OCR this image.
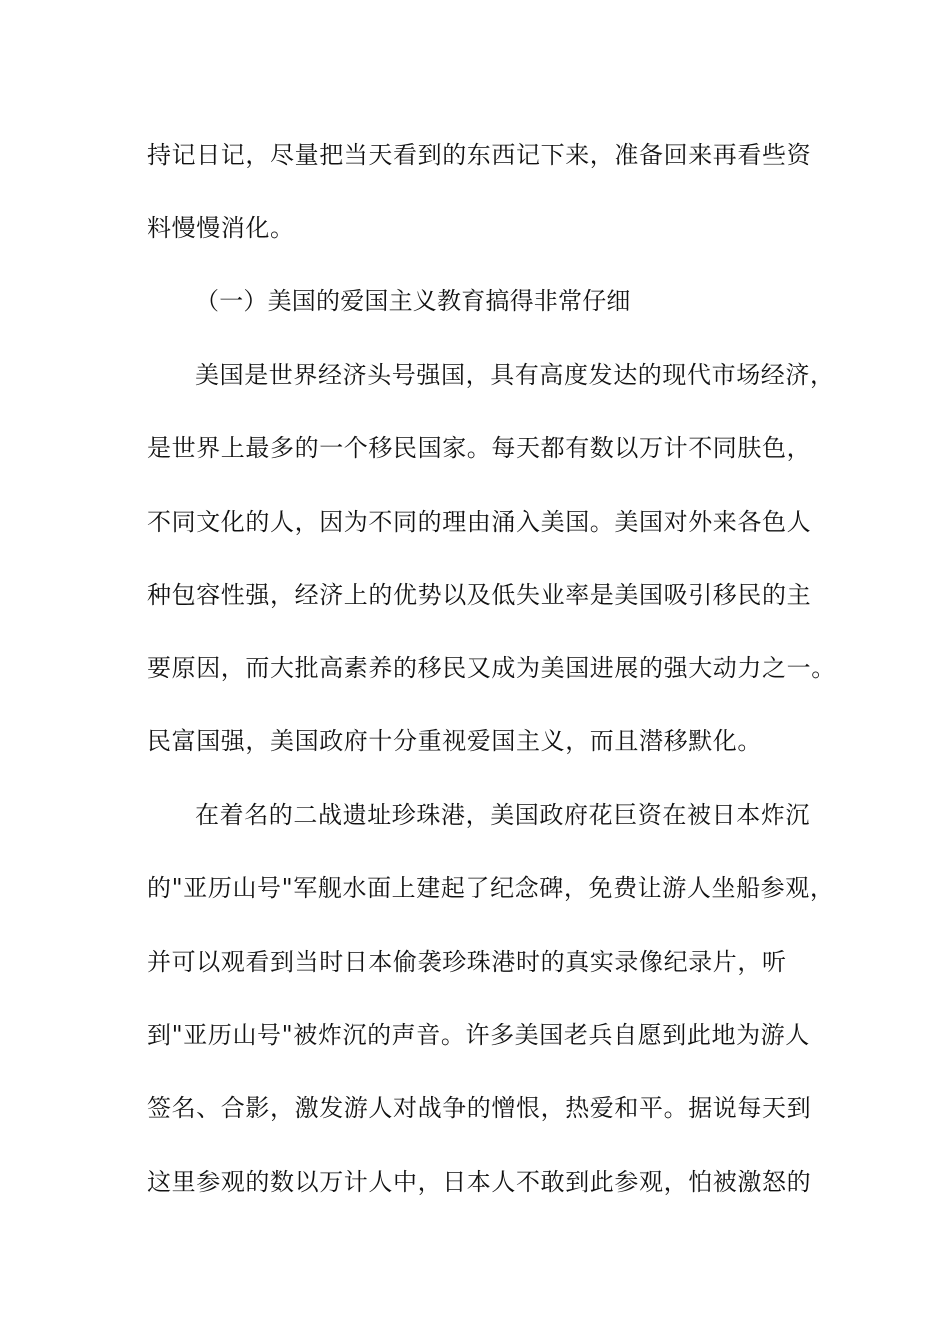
持记日记，尽量把当天看到的东西记下来，准备回来再看些资
料慢慢消化。
（一）美国的爱国主义教育搞得非常仔细
美国是世界经济头号强国，具有高度发达的现代市场经济，
是世界上最多的一个移民国家。每天都有数以万计不同肤色，
不同文化的人，因为不同的理由涌入美国。美国对外来各色人
种包容性强，经济上的优势以及低失业率是美国吸引移民的主
要原因，而大批高素养的移民又成为美国进展的强大动力之一。
民富国强，美国政府十分重视爱国主义，而且潜移默化。
在着名的二战遗址珍珠港，美国政府花巨资在被日本炸沉
的"亚历山号"军舰水面上建起了纪念碑，免费让游人坐船参观，
并可以观看到当时日本偷袭珍珠港时的真实录像纪录片，听
到"亚历山号"被炸沉的声音。许多美国老兵自愿到此地为游人
签名、合影，激发游人对战争的憎恨，热爱和平。据说每天到
这里参观的数以万计人中，日本人不敢到此参观，怕被激怒的
